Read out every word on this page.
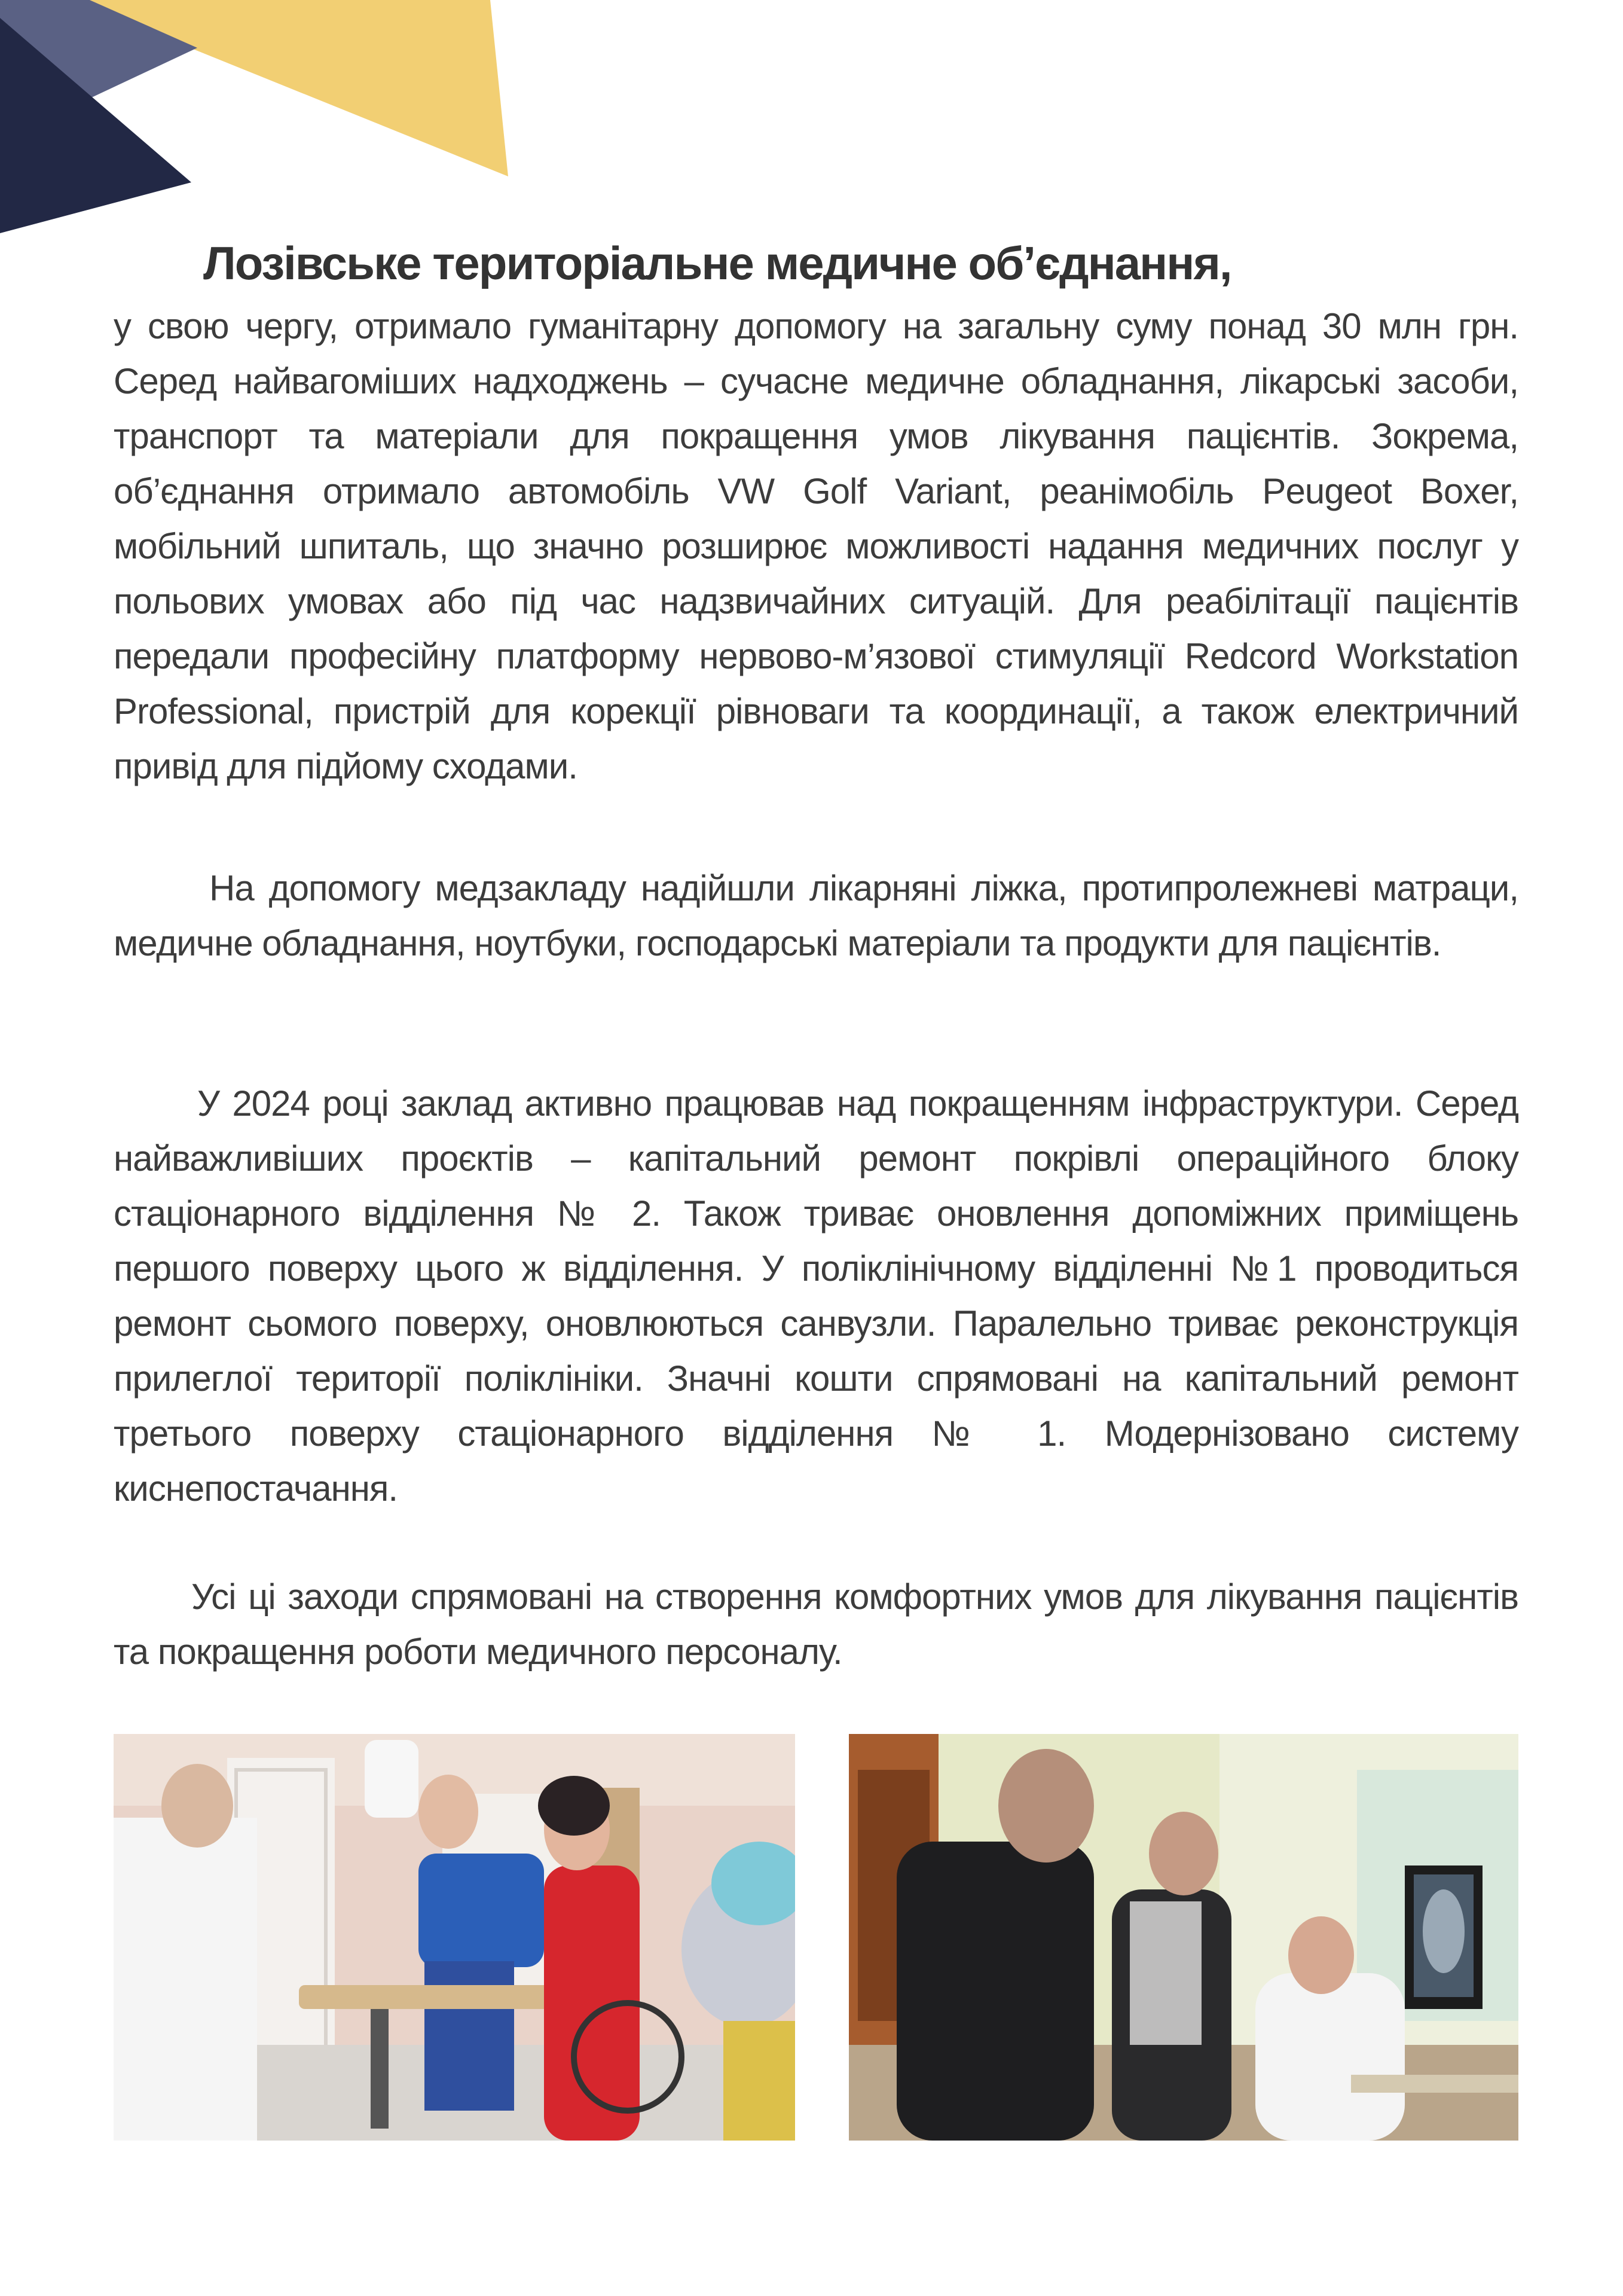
Лозівське територіальне медичне об’єднання,

у свою чергу, отримало гуманітарну допомогу на загальну суму понад 30 млн грн. Серед найвагоміших надходжень – сучасне медичне обладнання, лікарські засоби, транспорт та матеріали для покращення умов лікування пацієнтів. Зокрема, об’єднання отримало автомобіль VW Golf Variant, реанімобіль Peugeot Boxer, мобільний шпиталь, що значно розширює можливості надання медичних послуг у польових умовах або під час надзвичайних ситуацій. Для реабілітації пацієнтів передали професійну платформу нервово-м’язової стимуляції Redcord Workstation Professional, пристрій для корекції рівноваги та координації, а також електричний привід для підйому сходами.

На допомогу медзакладу надійшли лікарняні ліжка, протипролежневі матраци, медичне обладнання, ноутбуки, господарські матеріали та продукти для пацієнтів.

У 2024 році заклад активно працював над покращенням інфраструктури. Серед найважливіших проєктів – капітальний ремонт покрівлі операційного блоку стаціонарного відділення № 2. Також триває оновлення допоміжних приміщень першого поверху цього ж відділення. У поліклінічному відділенні №1 проводиться ремонт сьомого поверху, оновлюються санвузли. Паралельно триває реконструкція прилеглої території поліклініки. Значні кошти спрямовані на капітальний ремонт третього поверху стаціонарного відділення № 1. Модернізовано систему киснепостачання.

Усі ці заходи спрямовані на створення комфортних умов для лікування пацієнтів та покращення роботи медичного персоналу.
